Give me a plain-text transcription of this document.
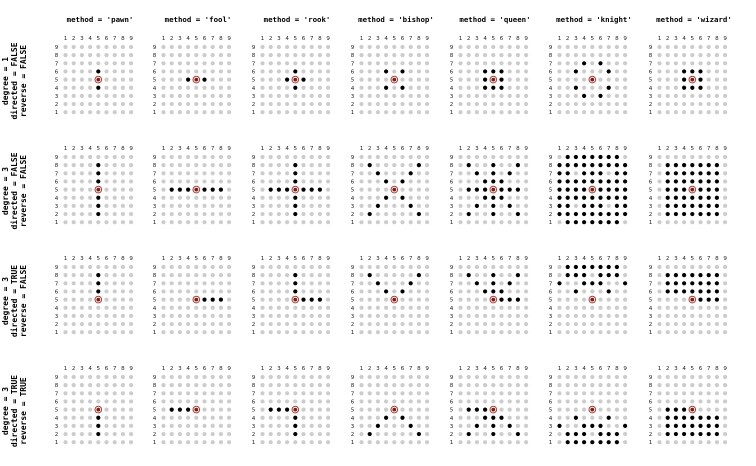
method = 'pawn'	method = 'fool'	method = 'rook'	method = 'bishop'	method = 'queen'	method = 'knight'	method = 'wizard'
degree = 1 directed = FALSE reverse = FALSE
degree = 3 directed = FALSE reverse = FALSE
degree = 3 directed = TRUE reverse = FALSE
degree = 3 directed = TRUE reverse = TRUE
1 2 3 4 5 6 7 8 9
1
2
3
4
5
6
7
8
9
1 2 3 4 5 6 7 8 9
1
2
3
4
5
6
7
8
9
1 2 3 4 5 6 7 8 9
1
2
3
4
5
6
7
8
9
1 2 3 4 5 6 7 8 9
1
2
3
4
5
6
7
8
9
1 2 3 4 5 6 7 8 9
1
2
3
4
5
6
7
8
9
1 2 3 4 5 6 7 8 9
1
2
3
4
5
6
7
8
9
1 2 3 4 5 6 7 8 9
1
2
3
4
5
6
7
8
9
1 2 3 4 5 6 7 8 9
1
2
3
4
5
6
7
8
9
1 2 3 4 5 6 7 8 9
1
2
3
4
5
6
7
8
9
1 2 3 4 5 6 7 8 9
1
2
3
4
5
6
7
8
9
1 2 3 4 5 6 7 8 9
1
2
3
4
5
6
7
8
9
1 2 3 4 5 6 7 8 9
1
2
3
4
5
6
7
8
9
1 2 3 4 5 6 7 8 9
1
2
3
4
5
6
7
8
9
1 2 3 4 5 6 7 8 9
1
2
3
4
5
6
7
8
9
1 2 3 4 5 6 7 8 9
1
2
3
4
5
6
7
8
9
1 2 3 4 5 6 7 8 9
1
2
3
4
5
6
7
8
9
1 2 3 4 5 6 7 8 9
1
2
3
4
5
6
7
8
9
1 2 3 4 5 6 7 8 9
1
2
3
4
5
6
7
8
9
1 2 3 4 5 6 7 8 9
1
2
3
4
5
6
7
8
9
1 2 3 4 5 6 7 8 9
1
2
3
4
5
6
7
8
9
1 2 3 4 5 6 7 8 9
1
2
3
4
5
6
7
8
9
1 2 3 4 5 6 7 8 9
1
2
3
4
5
6
7
8
9
1 2 3 4 5 6 7 8 9
1
2
3
4
5
6
7
8
9
1 2 3 4 5 6 7 8 9
1
2
3
4
5
6
7
8
9
1 2 3 4 5 6 7 8 9
1
2
3
4
5
6
7
8
9
1 2 3 4 5 6 7 8 9
1
2
3
4
5
6
7
8
9
1 2 3 4 5 6 7 8 9
1
2
3
4
5
6
7
8
9
1 2 3 4 5 6 7 8 9
1
2
3
4
5
6
7
8
9
